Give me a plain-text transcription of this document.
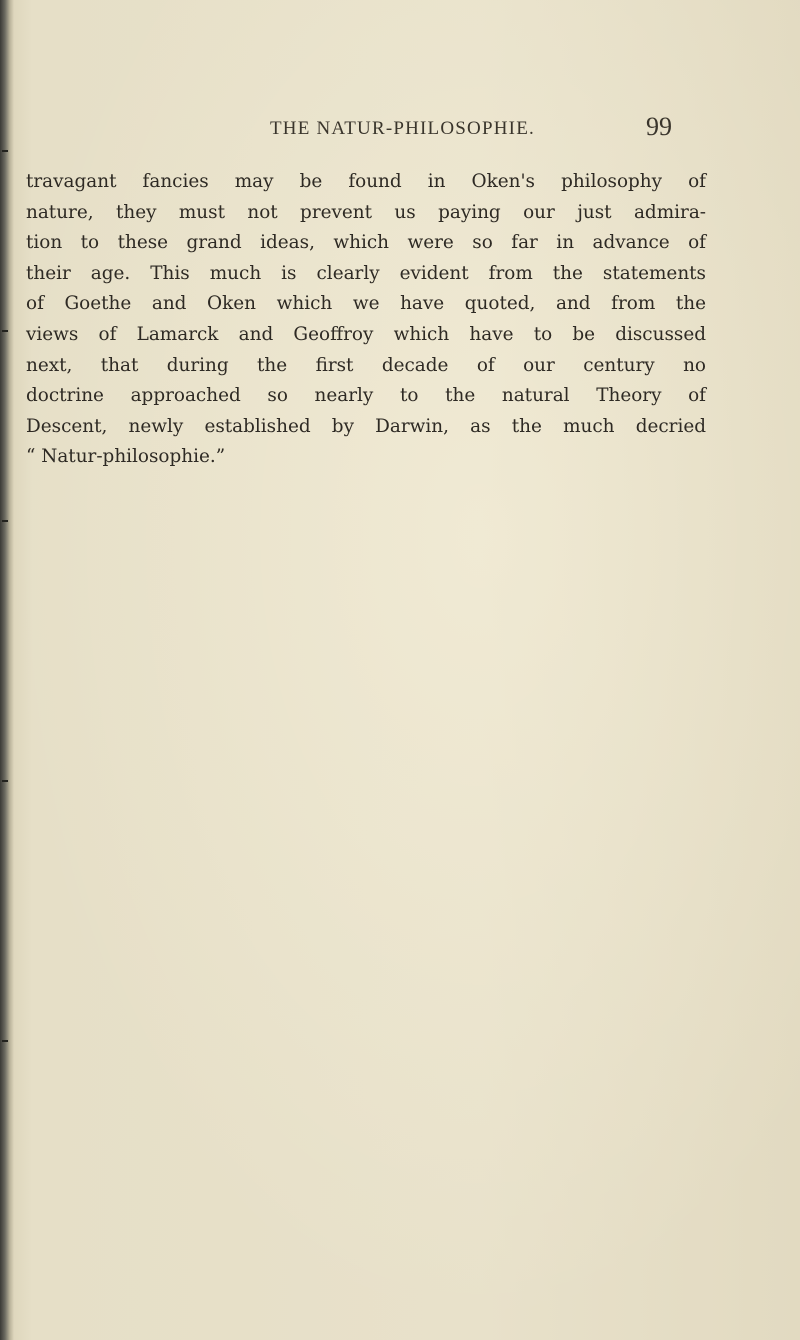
THE NATUR-PHILOSOPHIE.	99
travagant fancies may be found in Oken's philosophy of
nature, they must not prevent us paying our just admira-
tion to these grand ideas, which were so far in advance of
their age. This much is clearly evident from the statements
of Goethe and Oken which we have quoted, and from the
views of Lamarck and Geoffroy which have to be discussed
next, that during the first decade of our century no
doctrine approached so nearly to the natural Theory of
Descent, newly established by Darwin, as the much decried
“ Natur-philosophie.”
